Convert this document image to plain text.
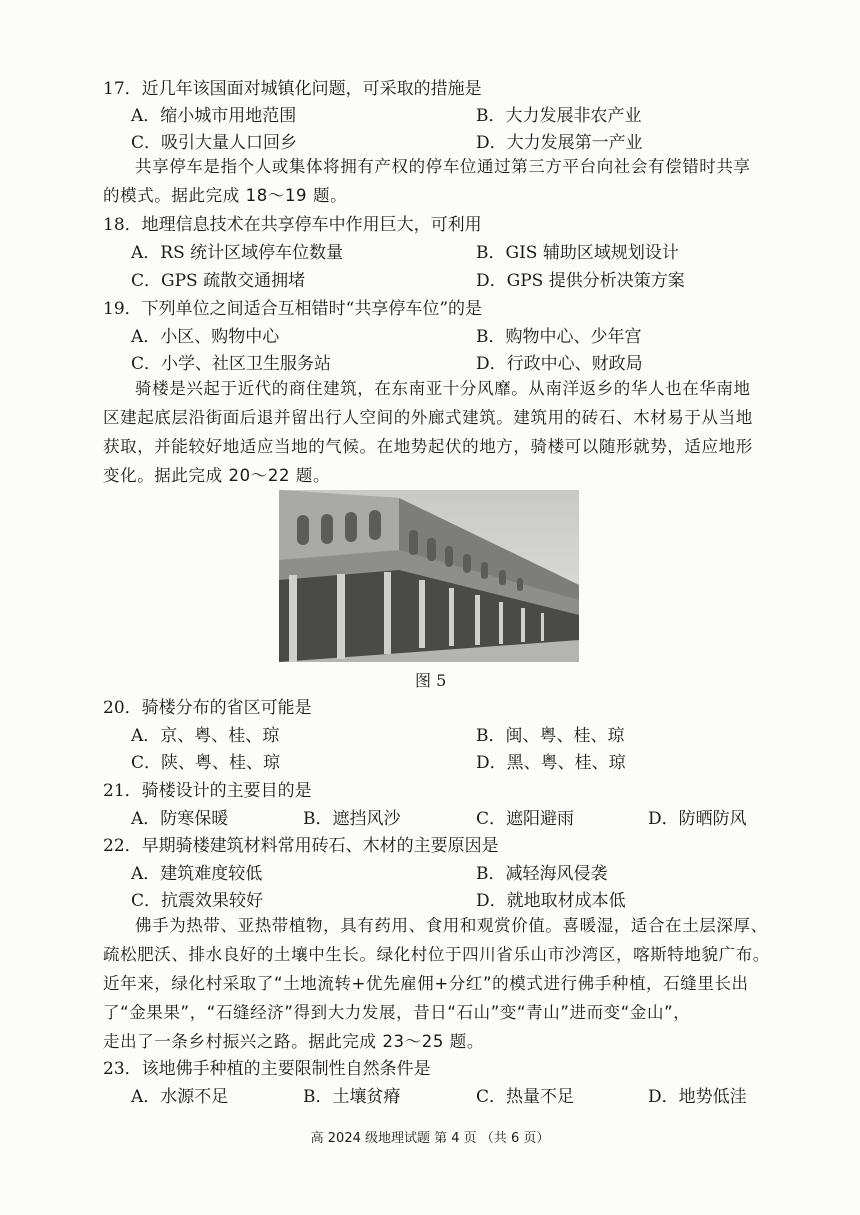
17．近几年该国面对城镇化问题，可采取的措施是
A．缩小城市用地范围	B．大力发展非农产业
C．吸引大量人口回乡	D．大力发展第一产业
共享停车是指个人或集体将拥有产权的停车位通过第三方平台向社会有偿错时共享
的模式。据此完成 18～19 题。
18．地理信息技术在共享停车中作用巨大，可利用
A．RS 统计区域停车位数量	B．GIS 辅助区域规划设计
C．GPS 疏散交通拥堵	D．GPS 提供分析决策方案
19．下列单位之间适合互相错时“共享停车位”的是
A．小区、购物中心	B．购物中心、少年宫
C．小学、社区卫生服务站	D．行政中心、财政局
骑楼是兴起于近代的商住建筑，在东南亚十分风靡。从南洋返乡的华人也在华南地
区建起底层沿街面后退并留出行人空间的外廊式建筑。建筑用的砖石、木材易于从当地
获取，并能较好地适应当地的气候。在地势起伏的地方，骑楼可以随形就势，适应地形
变化。据此完成 20～22 题。
图 5
20．骑楼分布的省区可能是
A．京、粤、桂、琼	B．闽、粤、桂、琼
C．陕、粤、桂、琼	D．黑、粤、桂、琼
21．骑楼设计的主要目的是
A．防寒保暖	B．遮挡风沙	C．遮阳避雨	D．防晒防风
22．早期骑楼建筑材料常用砖石、木材的主要原因是
A．建筑难度较低	B．减轻海风侵袭
C．抗震效果较好	D．就地取材成本低
佛手为热带、亚热带植物，具有药用、食用和观赏价值。喜暖湿，适合在土层深厚、
疏松肥沃、排水良好的土壤中生长。绿化村位于四川省乐山市沙湾区，喀斯特地貌广布。
近年来，绿化村采取了“土地流转+优先雇佣+分红”的模式进行佛手种植，石缝里长出
了“金果果”，“石缝经济”得到大力发展，昔日“石山”变“青山”进而变“金山”，
走出了一条乡村振兴之路。据此完成 23～25 题。
23．该地佛手种植的主要限制性自然条件是
A．水源不足	B．土壤贫瘠	C．热量不足	D．地势低洼
高 2024 级地理试题 第 4 页 （共 6 页）
